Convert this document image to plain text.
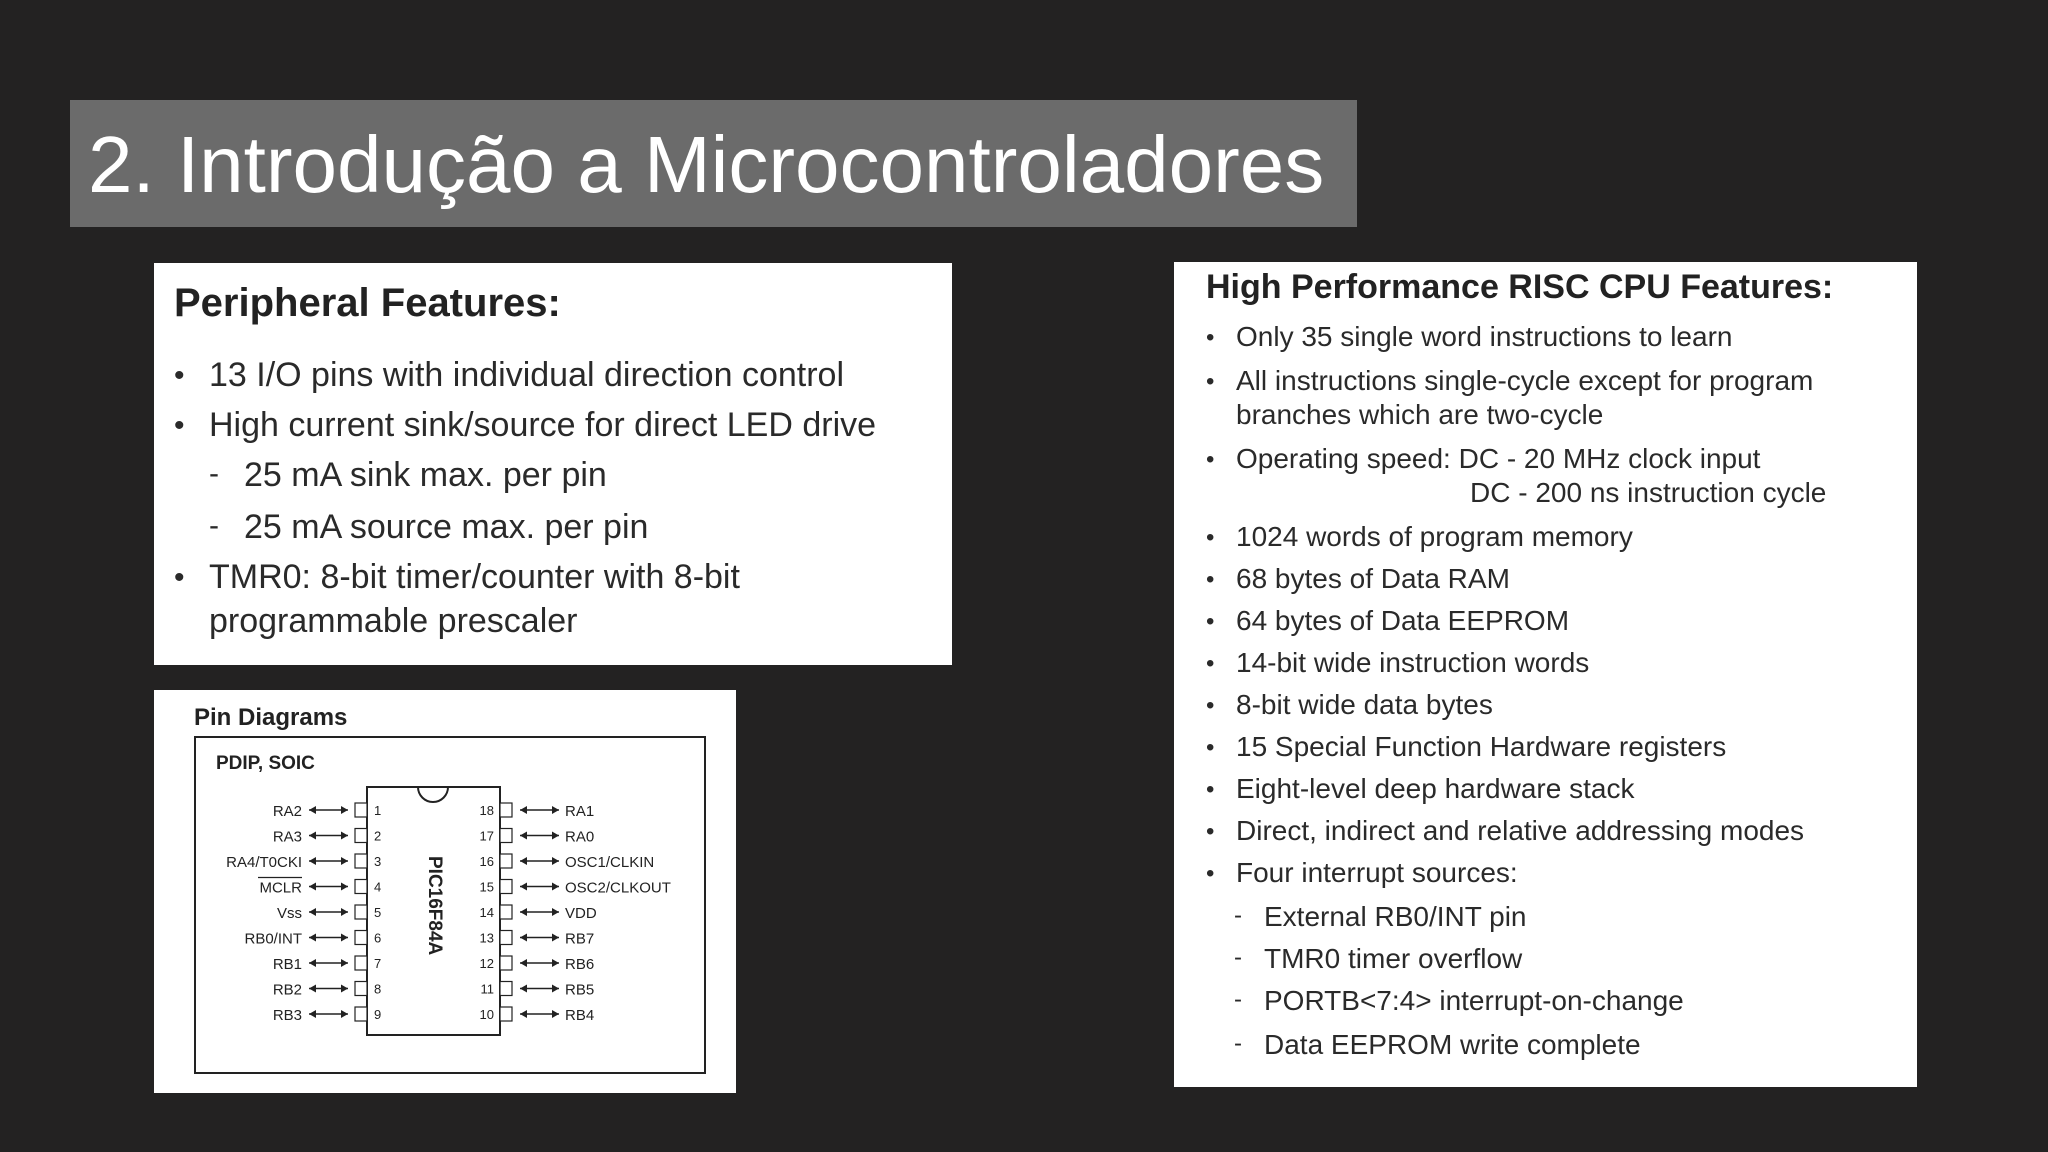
2. Introdução a Microcontroladores
Peripheral Features:
• 13 I/O pins with individual direction control

• High current sink/source for direct LED drive

- 25 mA sink max. per pin

- 25 mA source max. per pin

• TMR0: 8-bit timer/counter with 8-bit

programmable prescaler

Pin Diagrams

PDIP, SOIC
PIC16F84A
RA2	1
RA3	2
RA4/T0CKI	3
MCLR	4
Vss	5
RB0/INT	6
RB1	7
RB2	8
RB3	9
18	RA1
17	RA0
16	OSC1/CLKIN
15	OSC2/CLKOUT
14	VDD
13	RB7
12	RB6
11	RB5
10	RB4
High Performance RISC CPU Features:
• Only 35 single word instructions to learn

• All instructions single-cycle except for program

branches which are two-cycle

• Operating speed: DC - 20 MHz clock input

DC - 200 ns instruction cycle

• 1024 words of program memory

• 68 bytes of Data RAM

• 64 bytes of Data EEPROM

• 14-bit wide instruction words

• 8-bit wide data bytes

• 15 Special Function Hardware registers

• Eight-level deep hardware stack

• Direct, indirect and relative addressing modes

• Four interrupt sources:

- External RB0/INT pin

- TMR0 timer overflow

- PORTB<7:4> interrupt-on-change

- Data EEPROM write complete
